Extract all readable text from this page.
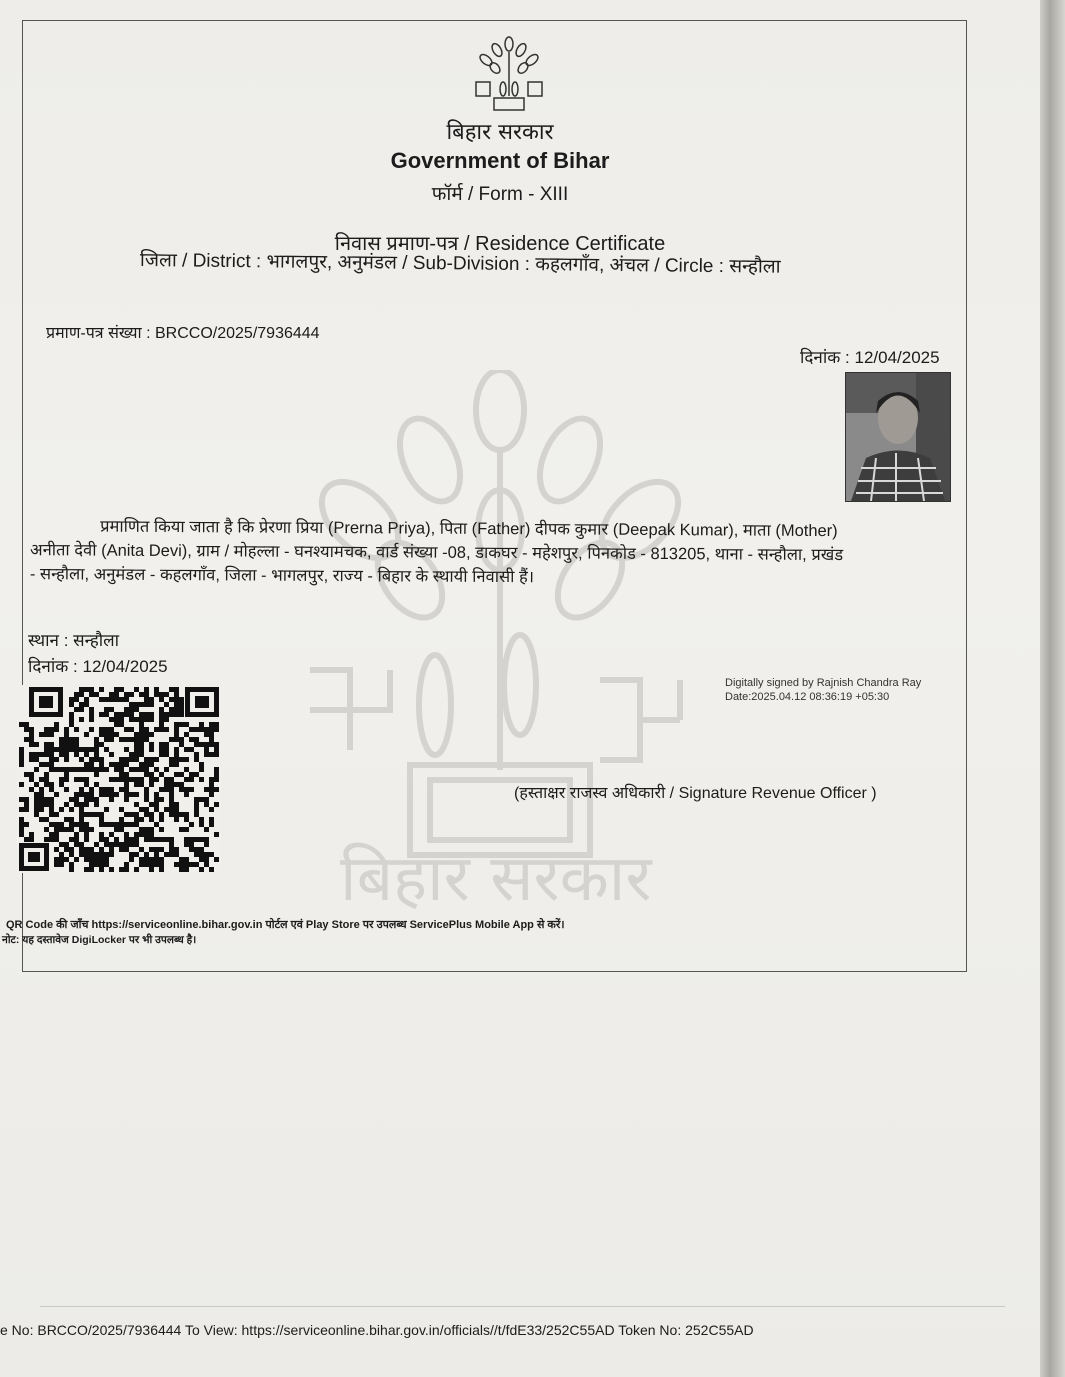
बिहार सरकार
बिहार सरकार
Government of Bihar
फॉर्म / Form - XIII
निवास प्रमाण-पत्र / Residence Certificate
जिला / District : भागलपुर, अनुमंडल / Sub-Division : कहलगाँव, अंचल / Circle : सन्हौला
प्रमाण-पत्र संख्या : BRCCO/2025/7936444
दिनांक : 12/04/2025
प्रमाणित किया जाता है कि प्रेरणा प्रिया (Prerna Priya), पिता (Father) दीपक कुमार (Deepak Kumar), माता (Mother)
अनीता देवी (Anita Devi), ग्राम / मोहल्ला - घनश्यामचक, वार्ड संख्या -08, डाकघर - महेशपुर, पिनकोड - 813205, थाना - सन्हौला, प्रखंड
- सन्हौला, अनुमंडल - कहलगाँव, जिला - भागलपुर, राज्य - बिहार के स्थायी निवासी हैं।
स्थान : सन्हौला
दिनांक : 12/04/2025
Digitally signed by Rajnish Chandra Ray
Date:2025.04.12 08:36:19 +05:30
(हस्ताक्षर राजस्व अधिकारी / Signature Revenue Officer )
QR Code की जाँच https://serviceonline.bihar.gov.in पोर्टल एवं Play Store पर उपलब्ध ServicePlus Mobile App से करें।
नोट: यह दस्तावेज DigiLocker पर भी उपलब्ध है।
e No: BRCCO/2025/7936444 To View: https://serviceonline.bihar.gov.in/officials//t/fdE33/252C55AD Token No: 252C55AD
